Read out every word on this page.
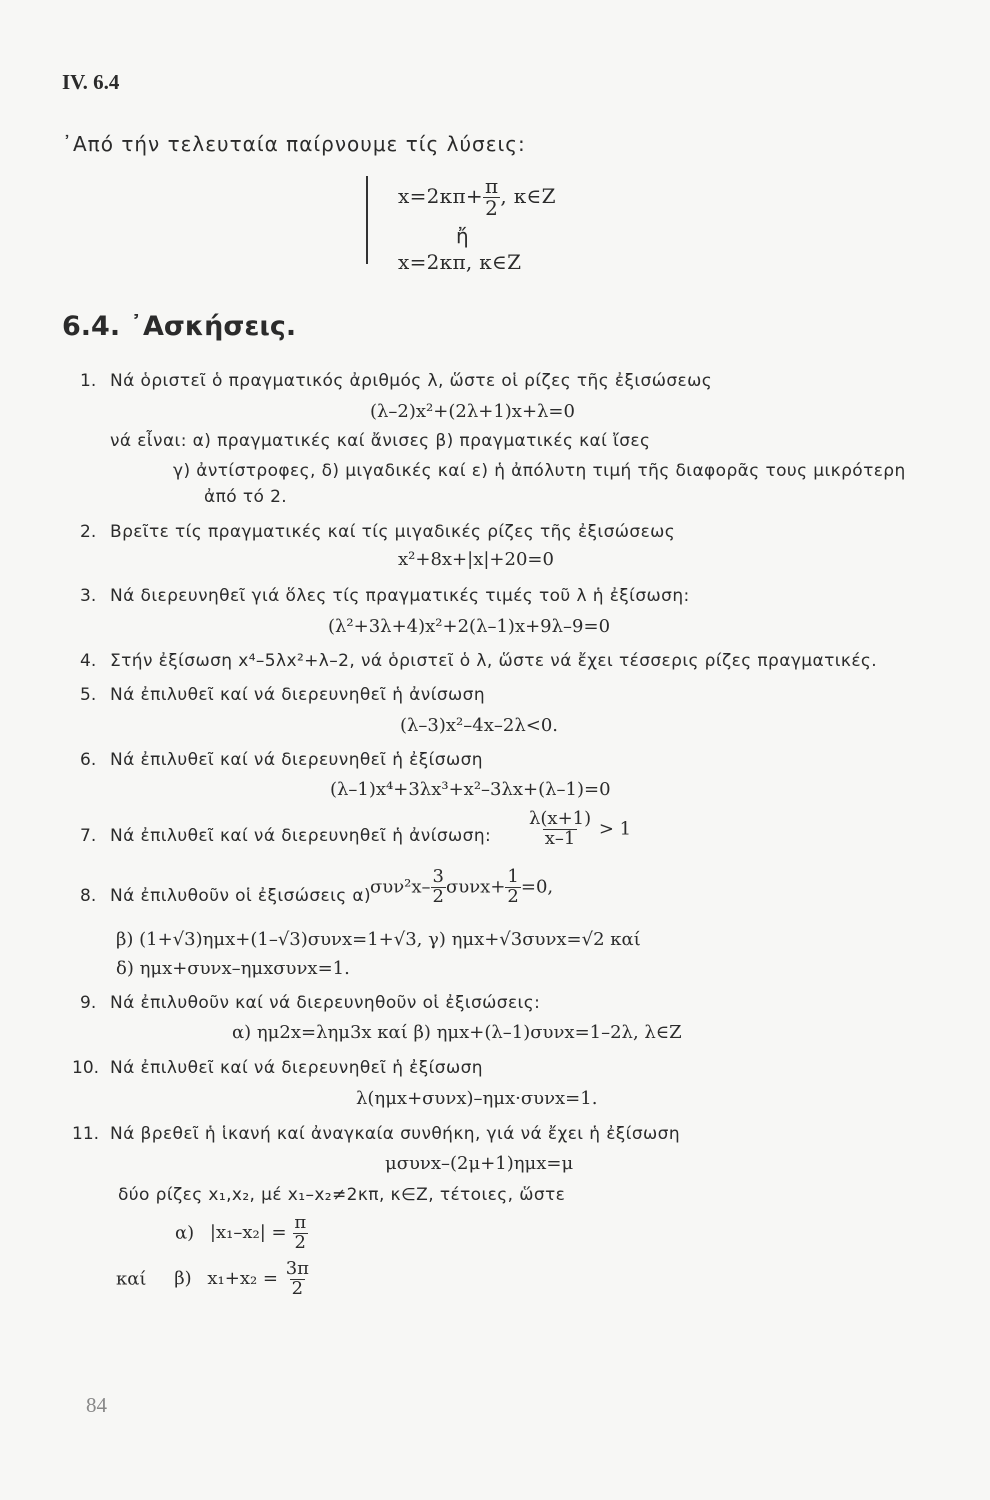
IV. 6.4
᾿Από τήν τελευταία παίρνουμε τίς λύσεις:
$x=2\kappa\pi+ \frac{\pi}{2}$ , κ∈Z
ἤ
x=2κπ, κ∈Z
6.4. ᾿Ασκήσεις.
1. Νά ὁριστεῖ ὁ πραγματικός ἀριθμός λ, ὥστε οἱ ρίζες τῆς ἐξισώσεως
(λ–2)x²+(2λ+1)x+λ=0
νά εἶναι: α) πραγματικές καί ἄνισες β) πραγματικές καί ἴσες
γ) ἀντίστροφες, δ) μιγαδικές καί ε) ἡ ἀπόλυτη τιμή τῆς διαφορᾶς τους μικρότερη
ἀπό τό 2.
2. Βρεῖτε τίς πραγματικές καί τίς μιγαδικές ρίζες τῆς ἐξισώσεως
x²+8x+|x|+20=0
3. Νά διερευνηθεῖ γιά ὅλες τίς πραγματικές τιμές τοῦ λ ἡ ἐξίσωση:
(λ²+3λ+4)x²+2(λ–1)x+9λ–9=0
4. Στήν ἐξίσωση x⁴–5λx²+λ–2, νά ὁριστεῖ ὁ λ, ὥστε νά ἔχει τέσσερις ρίζες πραγματικές.
5. Νά ἐπιλυθεῖ καί νά διερευνηθεῖ ἡ ἀνίσωση
(λ–3)x²–4x–2λ<0.
6. Νά ἐπιλυθεῖ καί νά διερευνηθεῖ ἡ ἐξίσωση
(λ–1)x⁴+3λx³+x²–3λx+(λ–1)=0
7. Νά ἐπιλυθεῖ καί νά διερευνηθεῖ ἡ ἀνίσωση: $\frac{\lambda(x+1)}{x-1} > 1$
8. Νά ἐπιλυθοῦν οἱ ἐξισώσεις α)
$\sigma\upsilon\nu^2x- \frac{3}{2} \sigma\upsilon\nu x+ \frac{1}{2} =0$,
β) (1+√3)ημx+(1–√3)συνx=1+√3, γ) ημx+√3συνx=√2 καί
δ) ημx+συνx–ημxσυνx=1.
9. Νά ἐπιλυθοῦν καί νά διερευνηθοῦν οἱ ἐξισώσεις:
α) ημ2x=λημ3x καί β) ημx+(λ–1)συνx=1–2λ, λ∈Z
10. Νά ἐπιλυθεῖ καί νά διερευνηθεῖ ἡ ἐξίσωση
λ(ημx+συνx)–ημx·συνx=1.
11. Νά βρεθεῖ ἡ ἱκανή καί ἀναγκαία συνθήκη, γιά νά ἔχει ἡ ἐξίσωση
μσυνx–(2μ+1)ημx=μ
δύο ρίζες x₁,x₂, μέ x₁–x₂≠2κπ, κ∈Z, τέτοιες, ὥστε
α) $|x_1-x_2| = \frac{\pi}{2}$
καί β) $x_1+x_2 = \frac{3\pi}{2}$
84
